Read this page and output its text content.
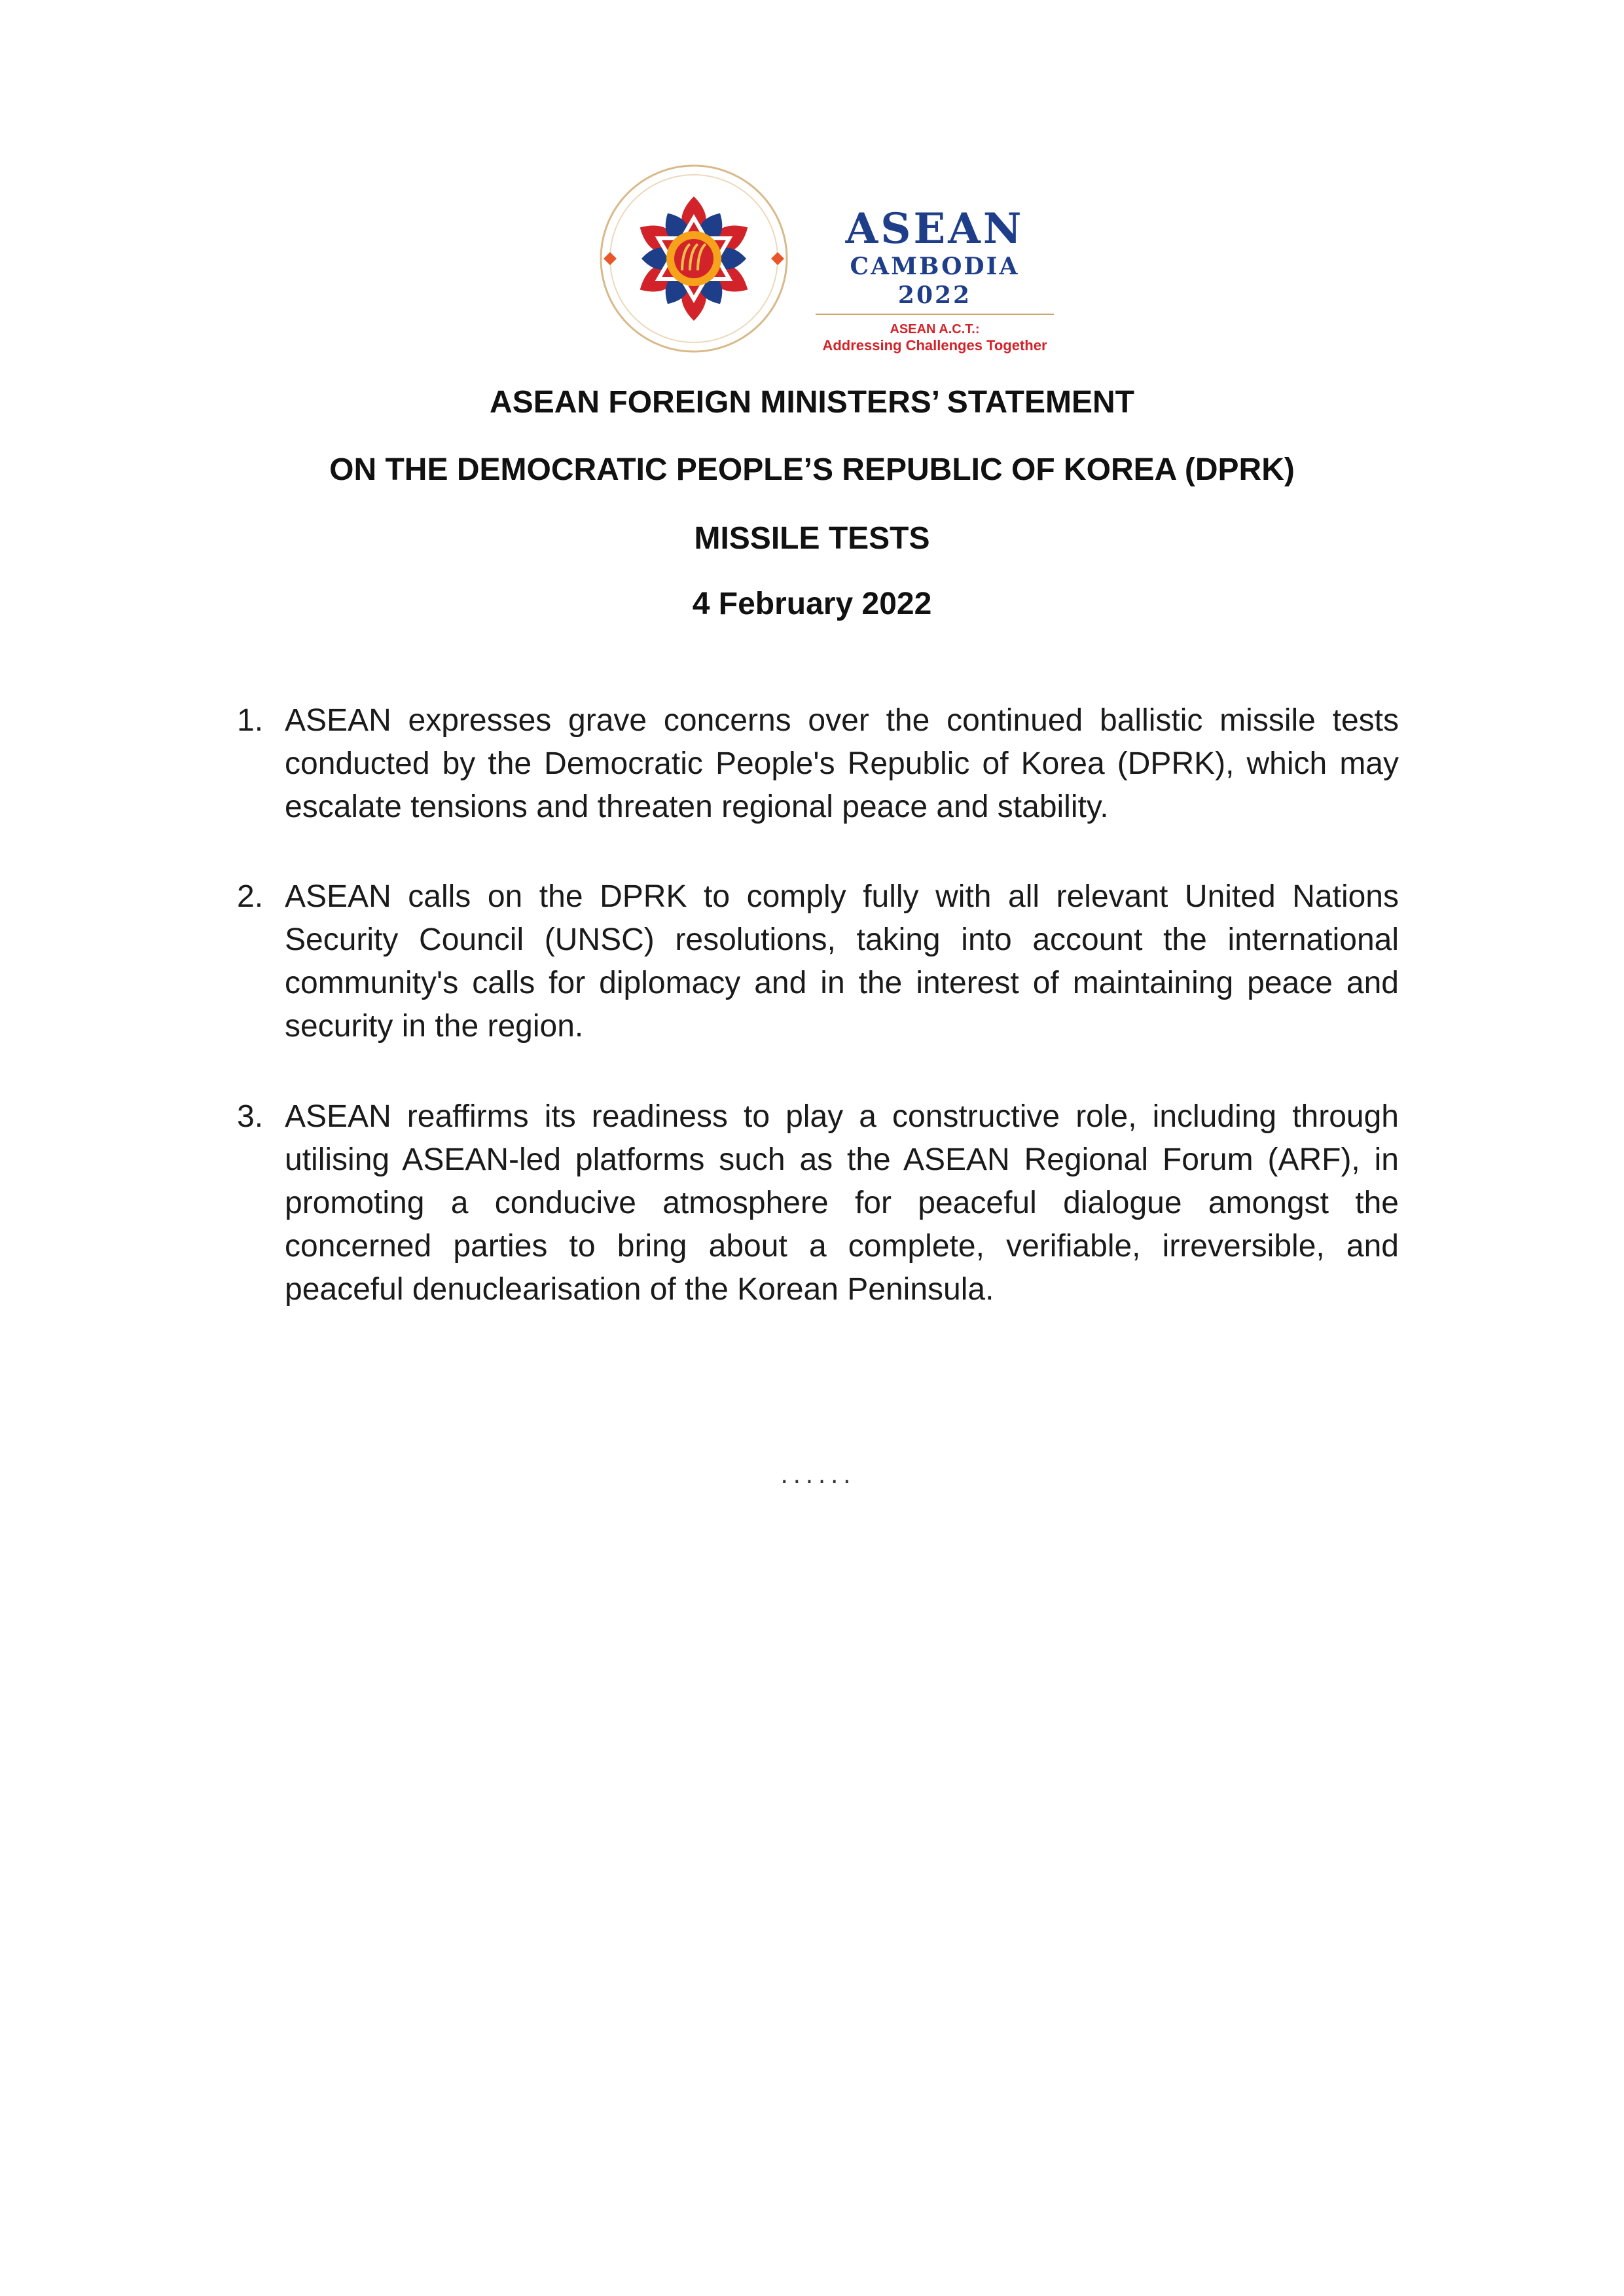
ASEAN
CAMBODIA 2022
ASEAN A.C.T.:
Addressing Challenges Together
ASEAN FOREIGN MINISTERS’ STATEMENT
ON THE DEMOCRATIC PEOPLE’S REPUBLIC OF KOREA (DPRK)
MISSILE TESTS
4 February 2022
1. ASEAN expresses grave concerns over the continued ballistic missile tests conducted by the Democratic People's Republic of Korea (DPRK), which may escalate tensions and threaten regional peace and stability.
2. ASEAN calls on the DPRK to comply fully with all relevant United Nations Security Council (UNSC) resolutions, taking into account the international community's calls for diplomacy and in the interest of maintaining peace and security in the region.
3. ASEAN reaffirms its readiness to play a constructive role, including through utilising ASEAN-led platforms such as the ASEAN Regional Forum (ARF), in promoting a conducive atmosphere for peaceful dialogue amongst the concerned parties to bring about a complete, verifiable, irreversible, and peaceful denuclearisation of the Korean Peninsula.
......
